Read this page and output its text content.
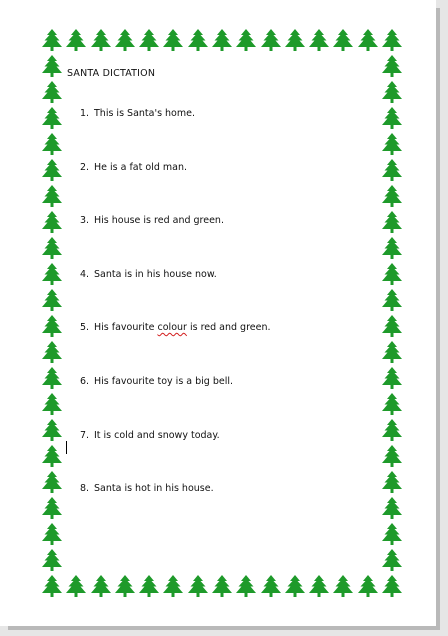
SANTA DICTATION
1. This is Santa's home.
2. He is a fat old man.
3. His house is red and green.
4. Santa is in his house now.
5. His favourite colour is red and green.
6. His favourite toy is a big bell.
7. It is cold and snowy today.
8. Santa is hot in his house.
